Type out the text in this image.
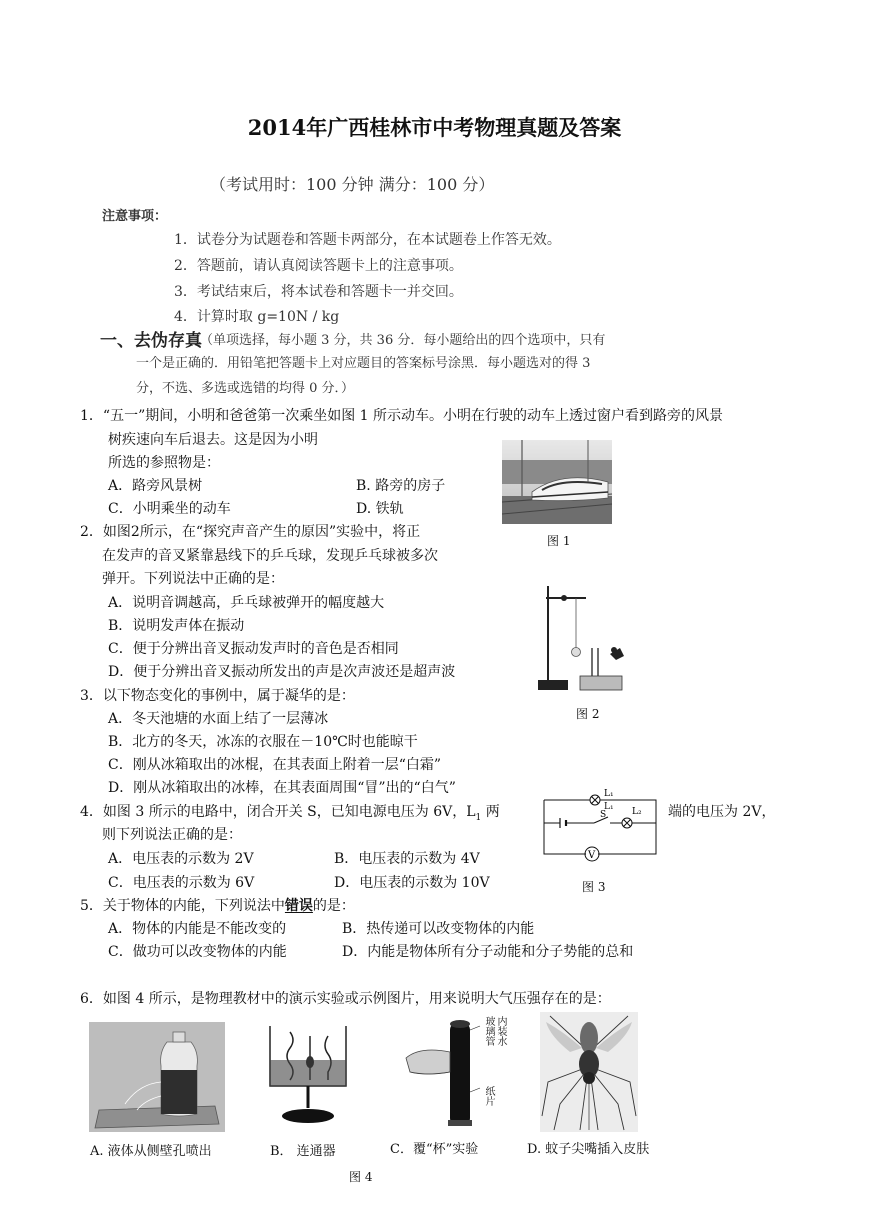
2014年广西桂林市中考物理真题及答案
（考试用时：100 分钟 满分：100 分）
注意事项：
1．试卷分为试题卷和答题卡两部分，在本试题卷上作答无效。
2．答题前，请认真阅读答题卡上的注意事项。
3．考试结束后，将本试卷和答题卡一并交回。
4．计算时取 g=10N / kg
一、去伪存真
（单项选择，每小题 3 分，共 36 分．每小题给出的四个选项中，只有
一个是正确的．用铅笔把答题卡上对应题目的答案标号涂黑．每小题选对的得 3
分，不选、多选或选错的均得 0 分．）
1．“五一”期间，小明和爸爸第一次乘坐如图 1 所示动车。小明在行驶的动车上透过窗户看到路旁的风景
树疾速向车后退去。这是因为小明
所选的参照物是：
A．路旁风景树	B. 路旁的房子
C．小明乘坐的动车	D. 铁轨
图 1
2．如图2所示，在“探究声音产生的原因”实验中，将正
在发声的音叉紧靠悬线下的乒乓球，发现乒乓球被多次
弹开。下列说法中正确的是：
A．说明音调越高，乒乓球被弹开的幅度越大
B．说明发声体在振动
C．便于分辨出音叉振动发声时的音色是否相同
D．便于分辨出音叉振动所发出的声是次声波还是超声波
图 2
3．以下物态变化的事例中，属于凝华的是：
A．冬天池塘的水面上结了一层薄冰
B．北方的冬天，冰冻的衣服在－10℃时也能晾干
C．刚从冰箱取出的冰棍，在其表面上附着一层“白霜”
D．刚从冰箱取出的冰棒，在其表面周围“冒”出的“白气”
4．如图 3 所示的电路中，闭合开关 S，已知电源电压为 6V，$L_1$ 两	端的电压为 2V，
则下列说法正确的是：
A．电压表的示数为 2V	B．电压表的示数为 4V
C．电压表的示数为 6V	D．电压表的示数为 10V
L₁
L₂
S
V
L₁
图 3
5．关于物体的内能，下列说法中错误的是：
A．物体的内能是不能改变的	B．热传递可以改变物体的内能
C．做功可以改变物体的内能	D．内能是物体所有分子动能和分子势能的总和
6．如图 4 所示，是物理教材中的演示实验或示例图片，用来说明大气压强存在的是：
A. 液体从侧壁孔喷出	B． 连通器
玻璃管 内装水
纸片
C．覆“杯”实验	D. 蚊子尖嘴插入皮肤
图 4
